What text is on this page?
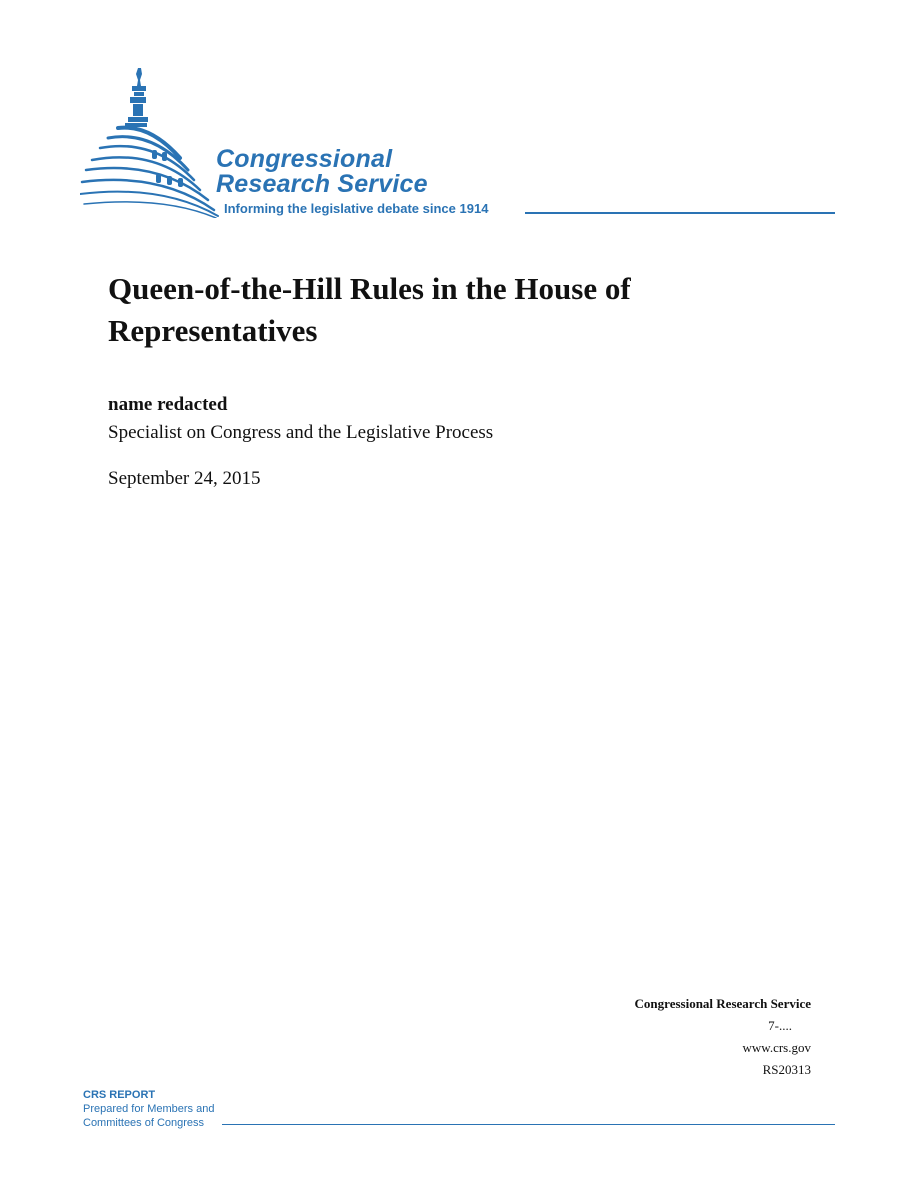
Congressional
Research Service
Informing the legislative debate since 1914
Queen-of-the-Hill Rules in the House of Representatives
name redacted
Specialist on Congress and the Legislative Process
September 24, 2015
Congressional Research Service
7-....
www.crs.gov
RS20313
CRS REPORT
Prepared for Members and
Committees of Congress
